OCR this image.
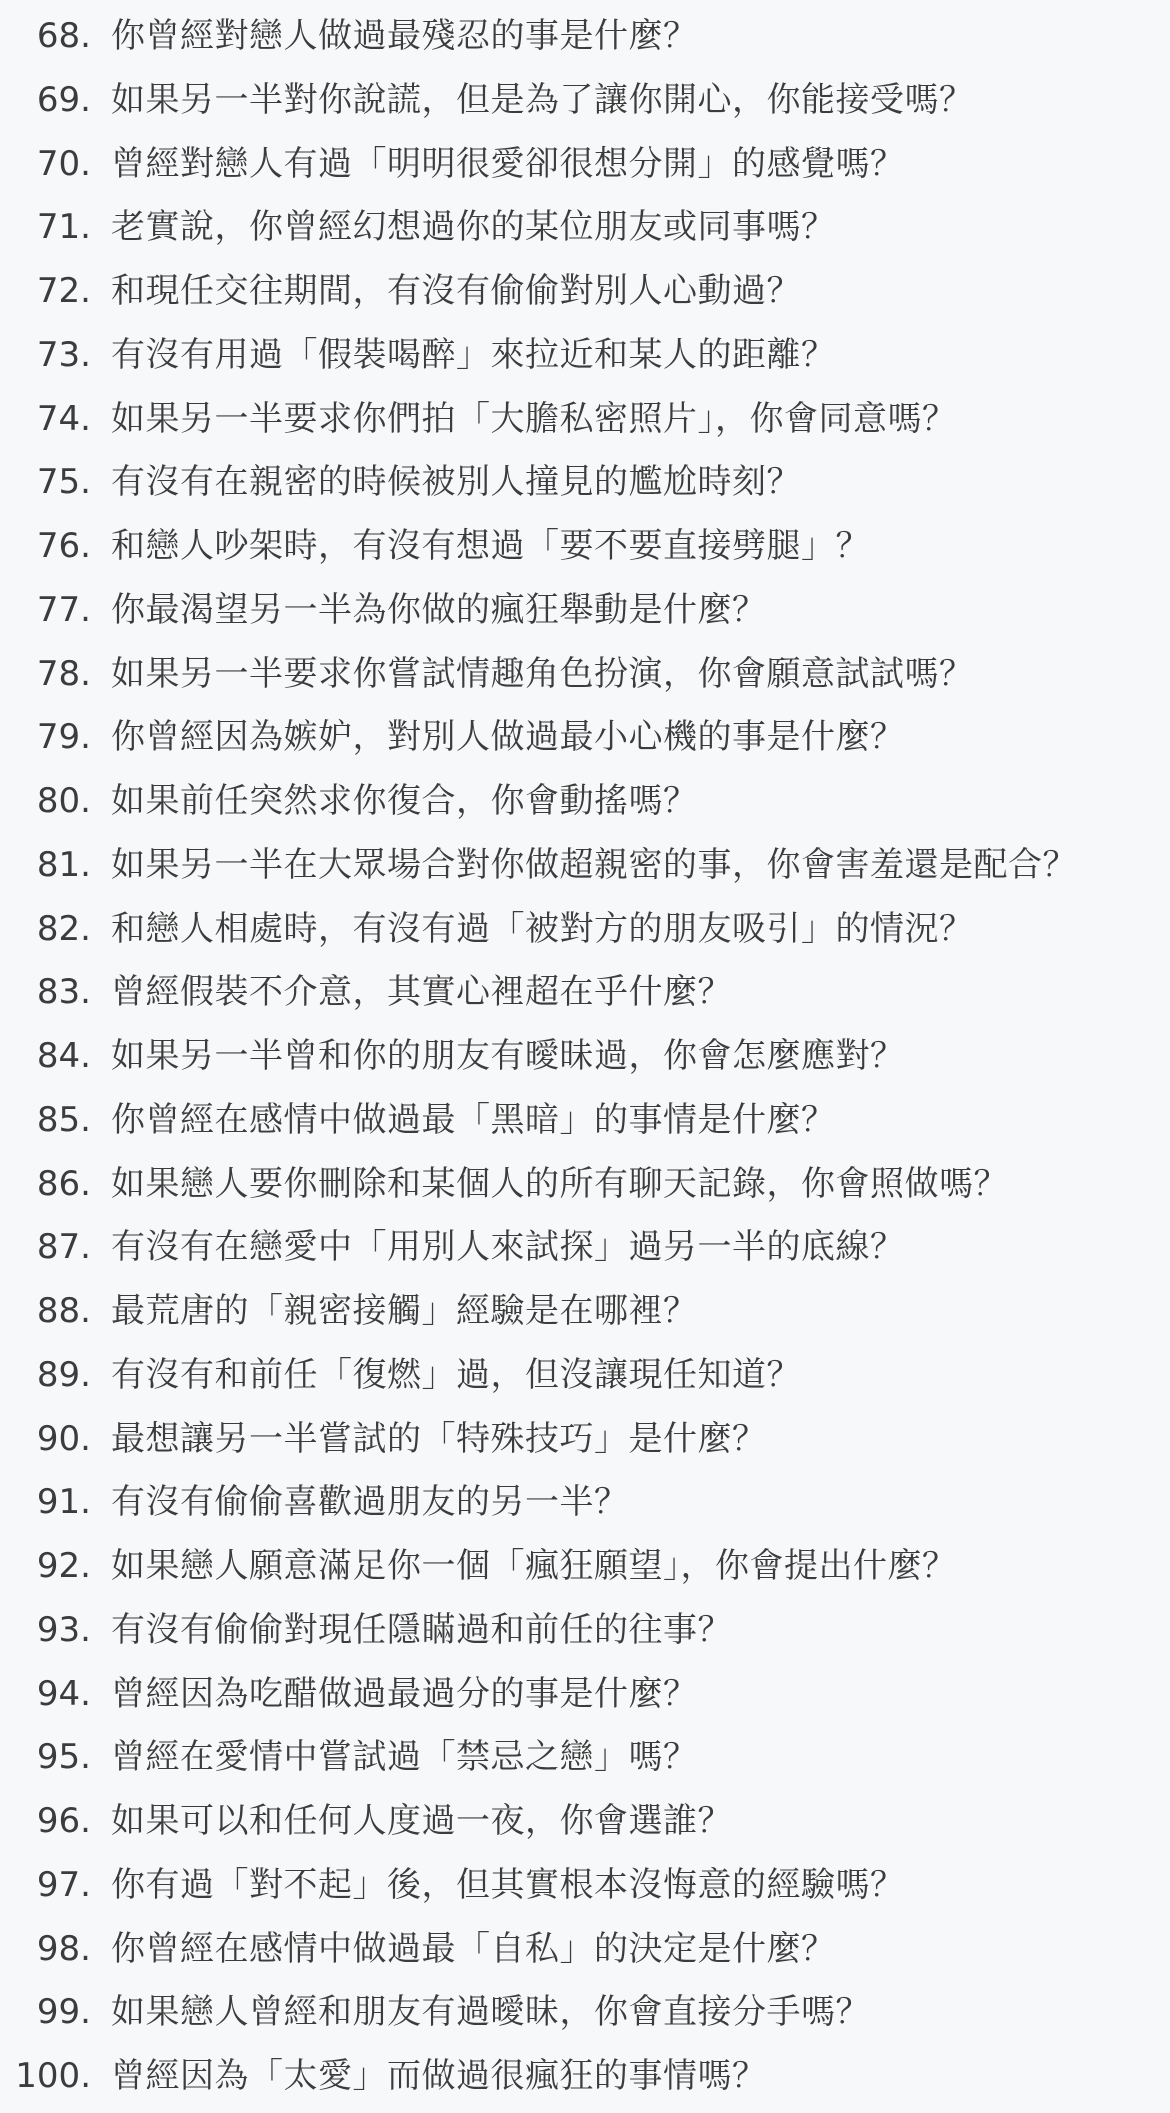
68. 你曾經對戀人做過最殘忍的事是什麼？
69. 如果另一半對你說謊，但是為了讓你開心，你能接受嗎？
70. 曾經對戀人有過「明明很愛卻很想分開」的感覺嗎？
71. 老實說，你曾經幻想過你的某位朋友或同事嗎？
72. 和現任交往期間，有沒有偷偷對別人心動過？
73. 有沒有用過「假裝喝醉」來拉近和某人的距離？
74. 如果另一半要求你們拍「大膽私密照片」，你會同意嗎？
75. 有沒有在親密的時候被別人撞見的尷尬時刻？
76. 和戀人吵架時，有沒有想過「要不要直接劈腿」？
77. 你最渴望另一半為你做的瘋狂舉動是什麼？
78. 如果另一半要求你嘗試情趣角色扮演，你會願意試試嗎？
79. 你曾經因為嫉妒，對別人做過最小心機的事是什麼？
80. 如果前任突然求你復合，你會動搖嗎？
81. 如果另一半在大眾場合對你做超親密的事，你會害羞還是配合？
82. 和戀人相處時，有沒有過「被對方的朋友吸引」的情況？
83. 曾經假裝不介意，其實心裡超在乎什麼？
84. 如果另一半曾和你的朋友有曖昧過，你會怎麼應對？
85. 你曾經在感情中做過最「黑暗」的事情是什麼？
86. 如果戀人要你刪除和某個人的所有聊天記錄，你會照做嗎？
87. 有沒有在戀愛中「用別人來試探」過另一半的底線？
88. 最荒唐的「親密接觸」經驗是在哪裡？
89. 有沒有和前任「復燃」過，但沒讓現任知道？
90. 最想讓另一半嘗試的「特殊技巧」是什麼？
91. 有沒有偷偷喜歡過朋友的另一半？
92. 如果戀人願意滿足你一個「瘋狂願望」，你會提出什麼？
93. 有沒有偷偷對現任隱瞞過和前任的往事？
94. 曾經因為吃醋做過最過分的事是什麼？
95. 曾經在愛情中嘗試過「禁忌之戀」嗎？
96. 如果可以和任何人度過一夜，你會選誰？
97. 你有過「對不起」後，但其實根本沒悔意的經驗嗎？
98. 你曾經在感情中做過最「自私」的決定是什麼？
99. 如果戀人曾經和朋友有過曖昧，你會直接分手嗎？
100. 曾經因為「太愛」而做過很瘋狂的事情嗎？
